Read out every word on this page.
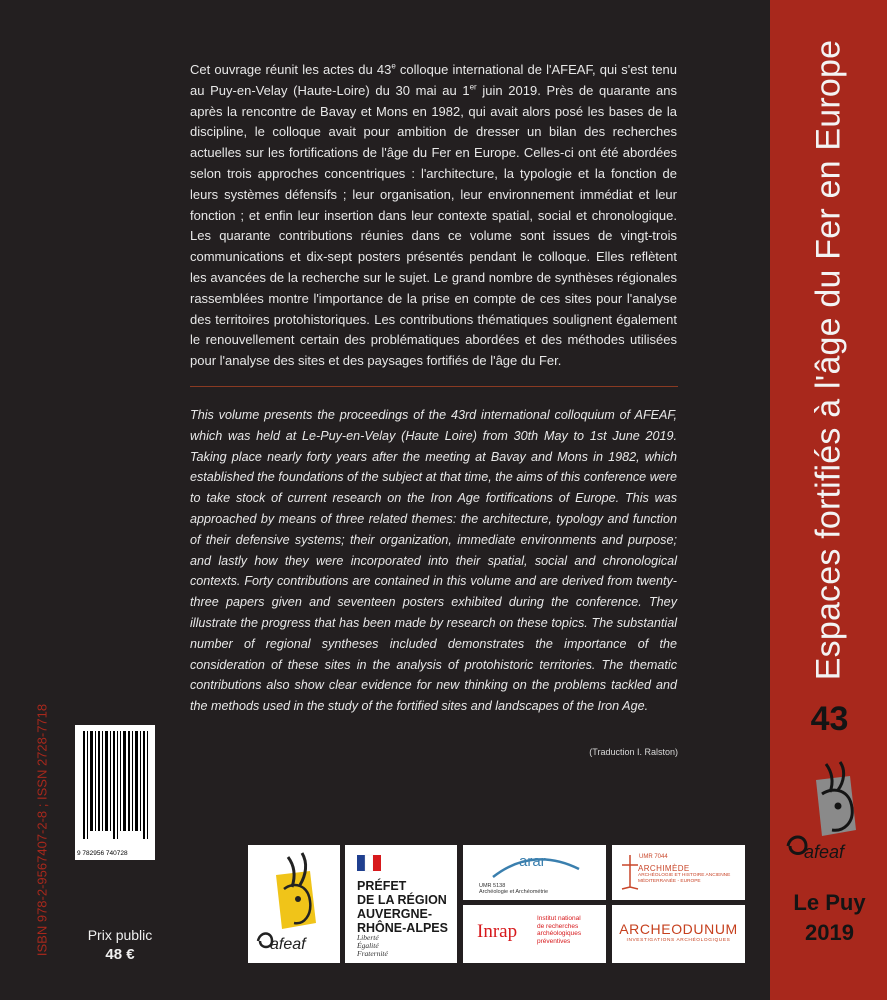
Cet ouvrage réunit les actes du 43e colloque international de l'AFEAF, qui s'est tenu au Puy-en-Velay (Haute-Loire) du 30 mai au 1er juin 2019. Près de quarante ans après la rencontre de Bavay et Mons en 1982, qui avait alors posé les bases de la discipline, le colloque avait pour ambition de dresser un bilan des recherches actuelles sur les fortifications de l'âge du Fer en Europe. Celles-ci ont été abordées selon trois approches concentriques : l'architecture, la typologie et la fonction de leurs systèmes défensifs ; leur organisation, leur environnement immédiat et leur fonction ; et enfin leur insertion dans leur contexte spatial, social et chronologique. Les quarante contributions réunies dans ce volume sont issues de vingt-trois communications et dix-sept posters présentés pendant le colloque. Elles reflètent les avancées de la recherche sur le sujet. Le grand nombre de synthèses régionales rassemblées montre l'importance de la prise en compte de ces sites pour l'analyse des territoires protohistoriques. Les contributions thématiques soulignent également le renouvellement certain des problématiques abordées et des méthodes utilisées pour l'analyse des sites et des paysages fortifiés de l'âge du Fer.
This volume presents the proceedings of the 43rd international colloquium of AFEAF, which was held at Le-Puy-en-Velay (Haute Loire) from 30th May to 1st June 2019. Taking place nearly forty years after the meeting at Bavay and Mons in 1982, which established the foundations of the subject at that time, the aims of this conference were to take stock of current research on the Iron Age fortifications of Europe. This was approached by means of three related themes: the architecture, typology and function of their defensive systems; their organization, immediate environments and purpose; and lastly how they were incorporated into their spatial, social and chronological contexts. Forty contributions are contained in this volume and are derived from twenty-three papers given and seventeen posters exhibited during the conference. They illustrate the progress that has been made by research on these topics. The substantial number of regional syntheses included demonstrates the importance of the consideration of these sites in the analysis of protohistoric territories. The thematic contributions also show clear evidence for new thinking on the problems tackled and the methods used in the study of the fortified sites and landscapes of the Iron Age.
(Traduction I. Ralston)
ISBN 978-2-9567407-2-8 ; ISSN 2728-7718	9 782956 740728
Prix public
48 €
afeaf
PRÉFET
DE LA RÉGION
AUVERGNE-
RHÔNE-ALPES
Liberté
Égalité
Fraternité
arar
UMR 5138
Archéologie et Archéométrie
Inrap
Institut national
de recherches
archéologiques
préventives
UMR 7044
ARCHIMÈDE
ARCHÉOLOGIE ET HISTOIRE ANCIENNE
MÉDITERRANÉE - EUROPE
ARCHEODUNUM
INVESTIGATIONS ARCHÉOLOGIQUES
Espaces fortifiés à l'âge du Fer en Europe
43
afeaf
Le Puy
2019
